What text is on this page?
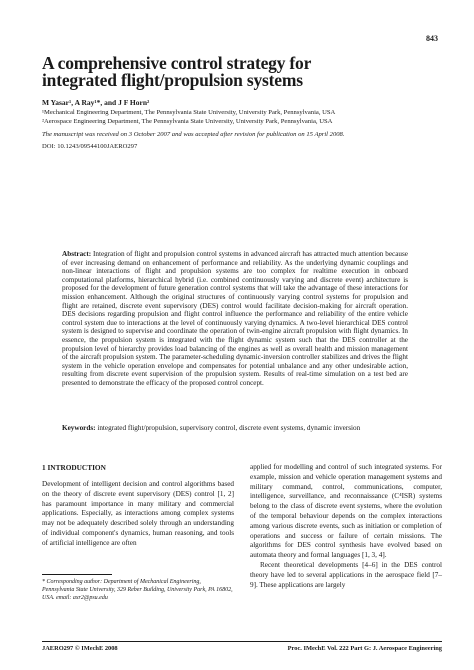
843
A comprehensive control strategy for
integrated flight/propulsion systems
M Yasar¹, A Ray¹*, and J F Horn²
¹Mechanical Engineering Department, The Pennsylvania State University, University Park, Pennsylvania, USA
²Aerospace Engineering Department, The Pennsylvania State University, University Park, Pennsylvania, USA
The manuscript was received on 3 October 2007 and was accepted after revision for publication on 15 April 2008.
DOI: 10.1243/09544100JAERO297
Abstract: Integration of flight and propulsion control systems in advanced aircraft has attracted much attention because of ever increasing demand on enhancement of performance and reliability. As the underlying dynamic couplings and non-linear interactions of flight and propulsion systems are too complex for realtime execution in onboard computational platforms, hierarchical hybrid (i.e. combined continuously varying and discrete event) architecture is proposed for the development of future generation control systems that will take the advantage of these interactions for mission enhancement. Although the original structures of continuously varying control systems for propulsion and flight are retained, discrete event supervisory (DES) control would facilitate decision-making for aircraft operation. DES decisions regarding propulsion and flight control influence the performance and reliability of the entire vehicle control system due to interactions at the level of continuously varying dynamics. A two-level hierarchical DES control system is designed to supervise and coordinate the operation of twin-engine aircraft propulsion with flight dynamics. In essence, the propulsion system is integrated with the flight dynamic system such that the DES controller at the propulsion level of hierarchy provides load balancing of the engines as well as overall health and mission management of the aircraft propulsion system. The parameter-scheduling dynamic-inversion controller stabilizes and drives the flight system in the vehicle operation envelope and compensates for potential unbalance and any other undesirable action, resulting from discrete event supervision of the propulsion system. Results of real-time simulation on a test bed are presented to demonstrate the efficacy of the proposed control concept.
Keywords: integrated flight/propulsion, supervisory control, discrete event systems, dynamic inversion
1 INTRODUCTION
Development of intelligent decision and control algorithms based on the theory of discrete event supervisory (DES) control [1, 2] has paramount importance in many military and commercial applications. Especially, as interactions among complex systems may not be adequately described solely through an understanding of individual component's dynamics, human reasoning, and tools of artificial intelligence are often
applied for modelling and control of such integrated systems. For example, mission and vehicle operation management systems and military command, control, communications, computer, intelligence, surveillance, and reconnaissance (C⁴ISR) systems belong to the class of discrete event systems, where the evolution of the temporal behaviour depends on the complex interactions among various discrete events, such as initiation or completion of operations and success or failure of certain missions. The algorithms for DES control synthesis have evolved based on automata theory and formal languages [1, 3, 4].
Recent theoretical developments [4–6] in the DES control theory have led to several applications in the aerospace field [7–9]. These applications are largely
* Corresponding author: Department of Mechanical Engineering, Pennsylvania State University, 329 Reber Building, University Park, PA 16802, USA. email: axr2@psu.edu
JAERO297 © IMechE 2008	Proc. IMechE Vol. 222 Part G: J. Aerospace Engineering
